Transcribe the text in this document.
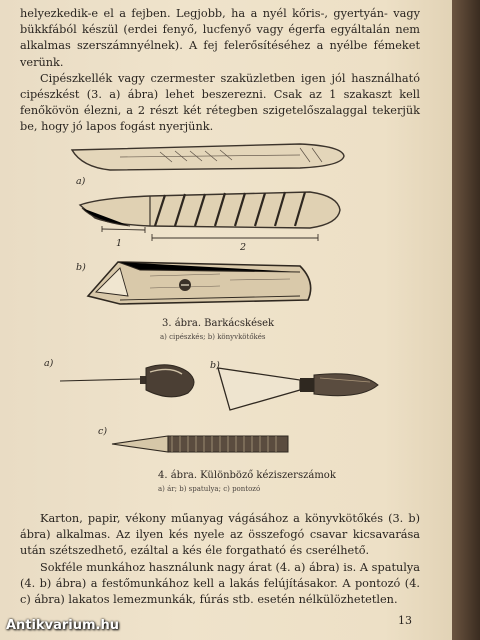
helyezkedik-e el a fejben. Legjobb, ha a nyél kőris-, gyertyán- vagy bükkfából készül (erdei fenyő, lucfenyő vagy égerfa egyáltalán nem alkalmas szerszámnyélnek). A fej felerősítéséhez a nyélbe fémeket verünk.

Cipészkellék vagy czermester szaküzletben igen jól használható cipészkést (3. a) ábra) lehet beszerezni. Csak az 1 szakaszt kell fenőkövön élezni, a 2 részt két rétegben szigetelőszalaggal tekerjük be, hogy jó lapos fogást nyerjünk.

a)
1	2
b)
3. ábra. Barkácskések
a) cipészkés; b) könyvkötőkés
a)	b)
c)
4. ábra. Különböző kéziszerszámok
a) ár; b) spatulya; c) pontozó

Karton, papir, vékony műanyag vágásához a könyvkötőkés (3. b) ábra) alkalmas. Az ilyen kés nyele az összefogó csavar kicsavarása után szétszedhető, ezáltal a kés éle forgatható és cserélhető.

Sokféle munkához használunk nagy árat (4. a) ábra) is. A spatulya (4. b) ábra) a festőmunkához kell a lakás felújításakor. A pontozó (4. c) ábra) lakatos lemezmunkák, fúrás stb. esetén nélkülözhetetlen.

13
Antikvarium.hu
